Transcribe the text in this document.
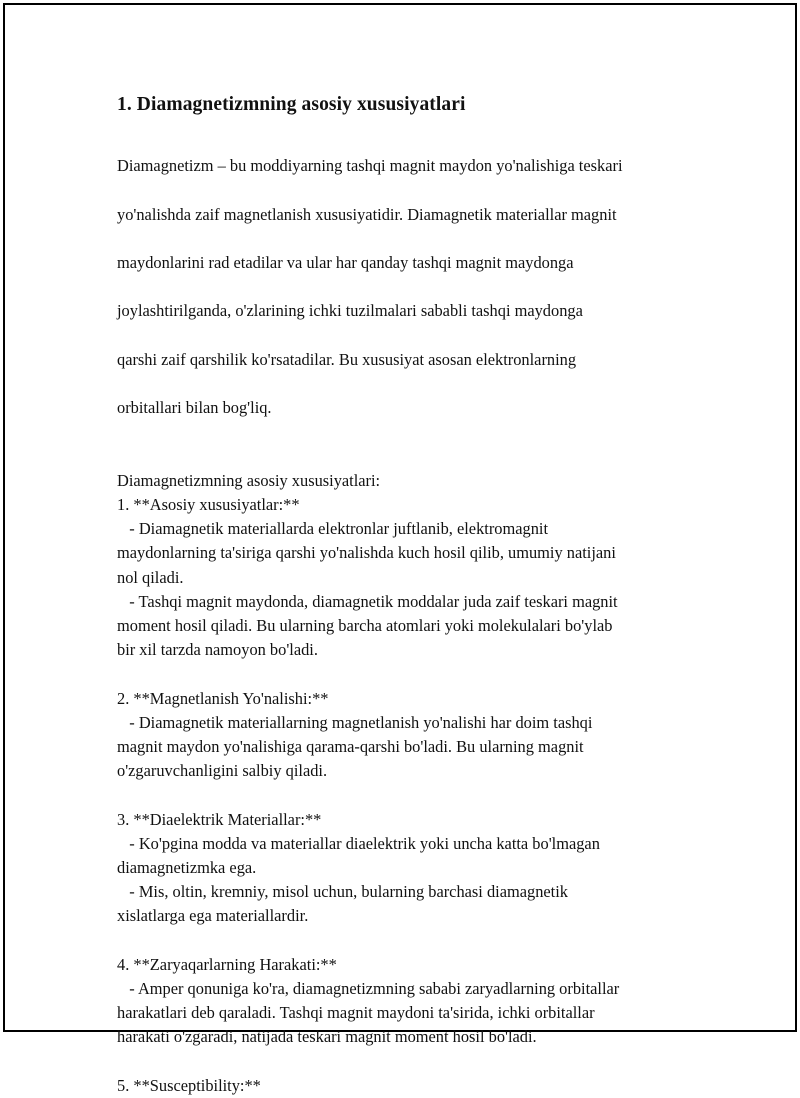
1. Diamagnetizmning asosiy xususiyatlari

Diamagnetizm – bu moddiyarning tashqi magnit maydon yo'nalishiga teskari

yo'nalishda zaif magnetlanish xususiyatidir. Diamagnetik materiallar magnit

maydonlarini rad etadilar va ular har qanday tashqi magnit maydonga

joylashtirilganda, o'zlarining ichki tuzilmalari sababli tashqi maydonga

qarshi zaif qarshilik ko'rsatadilar. Bu xususiyat asosan elektronlarning

orbitallari bilan bog'liq.

Diamagnetizmning asosiy xususiyatlari:
1. **Asosiy xususiyatlar:**
- Diamagnetik materiallarda elektronlar juftlanib, elektromagnit
maydonlarning ta'siriga qarshi yo'nalishda kuch hosil qilib, umumiy natijani
nol qiladi.
- Tashqi magnit maydonda, diamagnetik moddalar juda zaif teskari magnit
moment hosil qiladi. Bu ularning barcha atomlari yoki molekulalari bo'ylab
bir xil tarzda namoyon bo'ladi.
2. **Magnetlanish Yo'nalishi:**
- Diamagnetik materiallarning magnetlanish yo'nalishi har doim tashqi
magnit maydon yo'nalishiga qarama-qarshi bo'ladi. Bu ularning magnit
o'zgaruvchanligini salbiy qiladi.
3. **Diaelektrik Materiallar:**
- Ko'pgina modda va materiallar diaelektrik yoki uncha katta bo'lmagan
diamagnetizmka ega.
- Mis, oltin, kremniy, misol uchun, bularning barchasi diamagnetik
xislatlarga ega materiallardir.
4. **Zaryaqarlarning Harakati:**
- Amper qonuniga ko'ra, diamagnetizmning sababi zaryadlarning orbitallar
harakatlari deb qaraladi. Tashqi magnit maydoni ta'sirida, ichki orbitallar
harakati o'zgaradi, natijada teskari magnit moment hosil bo'ladi.
5. **Susceptibility:**
